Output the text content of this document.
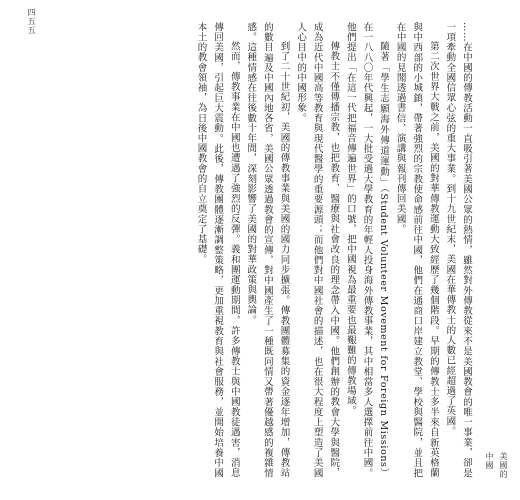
四五五

……在中國的傳教活動一直吸引著美國公眾的熱情，雖然對外傳教從來不是美國教會的唯一事業，卻是一項牽動全國信眾心弦的重大事業。到十九世紀末，美國在華傳教士的人數已經超過了英國。

第二次世界大戰之前，美國的對華傳教運動大致經歷了幾個階段。早期的傳教士多半來自新英格蘭與中西部的小城鎮，帶著強烈的宗教使命感前往中國，他們在通商口岸建立教堂、學校與醫院，並且把在中國的見聞透過書信、演講與報刊傳回美國。

隨著「學生志願海外傳道運動」（Student Volunteer Movement for Foreign Missions）在一八八〇年代興起，一大批受過大學教育的年輕人投身海外傳教事業，其中相當多人選擇前往中國。他們提出「在這一代把福音傳遍世界」的口號，把中國視為最重要也最艱難的傳教場域。

傳教士不僅傳播宗教，也把教育、醫療與社會改良的理念帶入中國。他們創辦的教會大學與醫院，成為近代中國高等教育與現代醫學的重要源頭；而他們對中國社會的描述，也在很大程度上塑造了美國人心目中的中國形象。

到了二十世紀初，美國的傳教事業與美國的國力同步擴張。傳教團體募集的資金逐年增加，傳教站的數目遍及中國內地各省，美國公眾透過教會的宣傳，對中國產生了一種既同情又帶著優越感的複雜情感。這種情感在往後數十年間，深刻影響了美國的對華政策與輿論。

然而，傳教事業在中國也遭遇了強烈的反彈。義和團運動期間，許多傳教士與中國教徒遇害，消息傳回美國，引起巨大震動。此後，傳教團體逐漸調整策略，更加重視教育與社會服務，並開始培養中國本土的教會領袖，為日後中國教會的自立奠定了基礎。

美國的
中國
